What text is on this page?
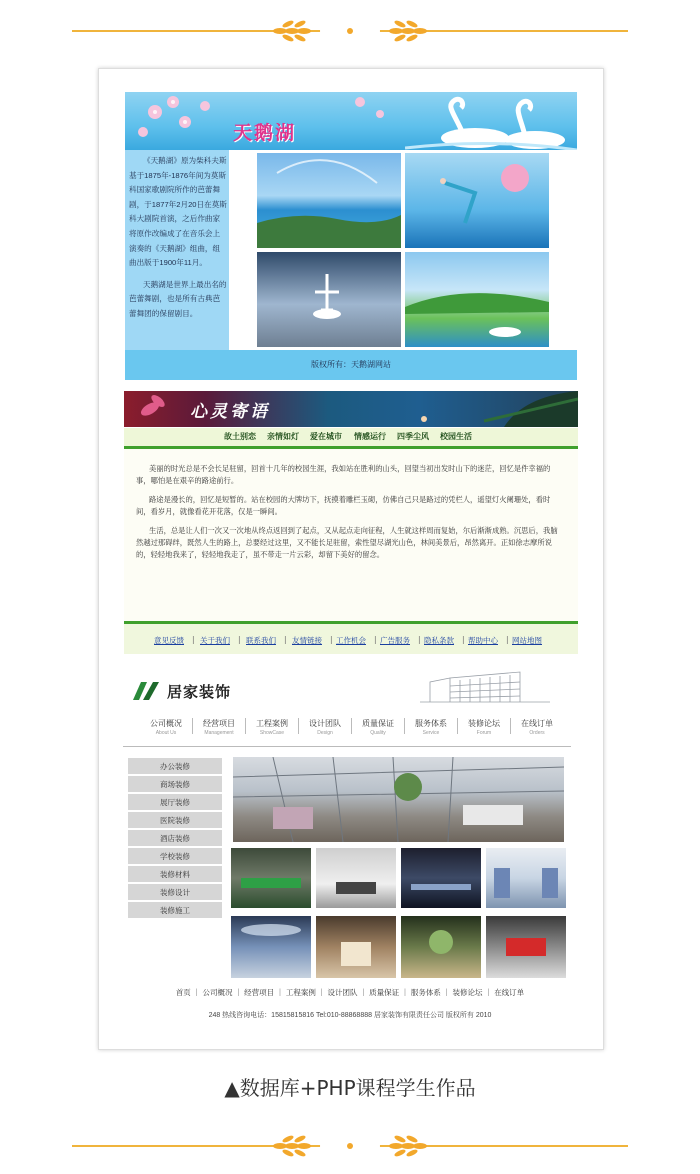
天鹅湖

《天鹅湖》原为柴科夫斯基于1875年-1876年间为莫斯科国家歌剧院所作的芭蕾舞剧，于1877年2月20日在莫斯科大剧院首演，之后作曲家将原作改编成了在音乐会上演奏的《天鹅湖》组曲，组曲出版于1900年11月。

天鹅湖是世界上最出名的芭蕾舞剧，也是所有古典芭蕾舞团的保留剧目。

版权所有：天鹅湖网站
心灵寄语
故土别恋 亲情如灯 爱在城市 情感运行 四季尘风 校园生活

美丽的时光总是不会长足驻留，回首十几年的校园生涯，我如站在胜利的山头，回望当初出发时山下的迷茫，回忆是件幸福的事，哪怕是在艰辛的路途前行。

路途是漫长的，回忆是短暂的。站在校园的大牌坊下，抚摸着雕栏玉砌，仿佛自己只是路过的凭栏人，遥望灯火阑珊处，看时间，看岁月，就像看花开花落，仅是一瞬间。

生活，总是让人们一次又一次地从终点返回到了起点，又从起点走向征程，人生就这样周而复始，尔后渐渐成熟。沉思后，我脑然越过那碍绊，既然人生的路上，总要经过这里，又不能长足驻留，索性望尽湖光山色，林间美景后，昂然离开。正如徐志摩所说的，轻轻地我来了，轻轻地我走了，虽不带走一片云彩，却留下美好的留念。

意见反馈 | 关于我们 | 联系我们 | 友情链接 | 工作机会 | 广告服务 | 隐私条款 | 帮助中心 | 网站地图
居家装饰
公司概况
About Us
经营项目
Management
工程案例
ShowCase
设计团队
Design
质量保证
Quality
服务体系
Service
装修论坛
Forum
在线订单
Orders
办公装修
商场装修
展厅装修
医院装修
酒店装修
学校装修
装修材料
装修设计
装修施工
首页 ｜ 公司概况 ｜ 经营项目 ｜ 工程案例 ｜ 设计团队 ｜ 质量保证 ｜ 服务体系 ｜ 装修论坛 ｜ 在线订单
248 热线咨询电话：15815815816 Tel:010-88868888 居家装饰有限责任公司 版权所有 2010
▲数据库+PHP课程学生作品
